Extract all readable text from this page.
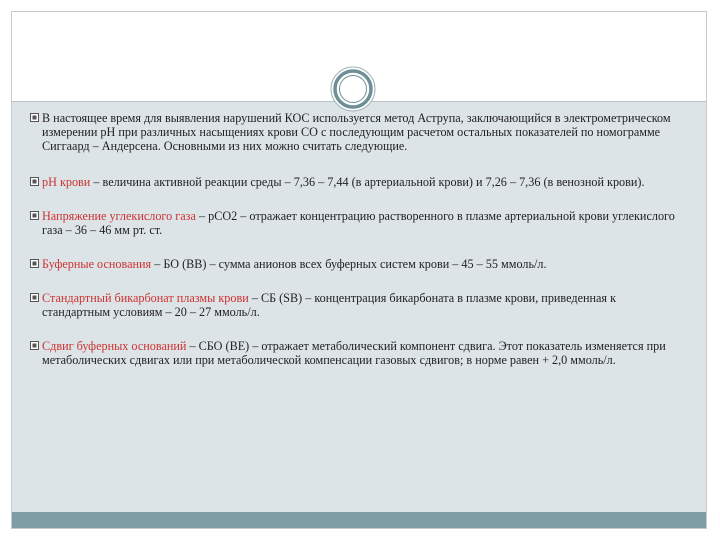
В настоящее время для выявления нарушений КОС используется метод Аструпа, заключающийся в электрометрическом измерении pH при различных насыщениях крови СО с последующим расчетом остальных показателей по номограмме Сиггаард – Андерсена. Основными из них можно считать следующие.
pH крови – величина активной реакции среды – 7,36 – 7,44 (в артериальной крови) и 7,26 – 7,36 (в венозной крови).
Напряжение углекислого газа – pCO2 – отражает концентрацию растворенного в плазме артериальной крови углекислого газа – 36 – 46 мм рт. ст.
Буферные основания – БО (BB) – сумма анионов всех буферных систем крови – 45 – 55 ммоль/л.
Стандартный бикарбонат плазмы крови – СБ (SB) – концентрация бикарбоната в плазме крови, приведенная к стандартным условиям – 20 – 27 ммоль/л.
Сдвиг буферных оснований – СБО (BE) – отражает метаболический компонент сдвига. Этот показатель изменяется при метаболических сдвигах или при метаболической компенсации газовых сдвигов; в норме равен + 2,0 ммоль/л.
